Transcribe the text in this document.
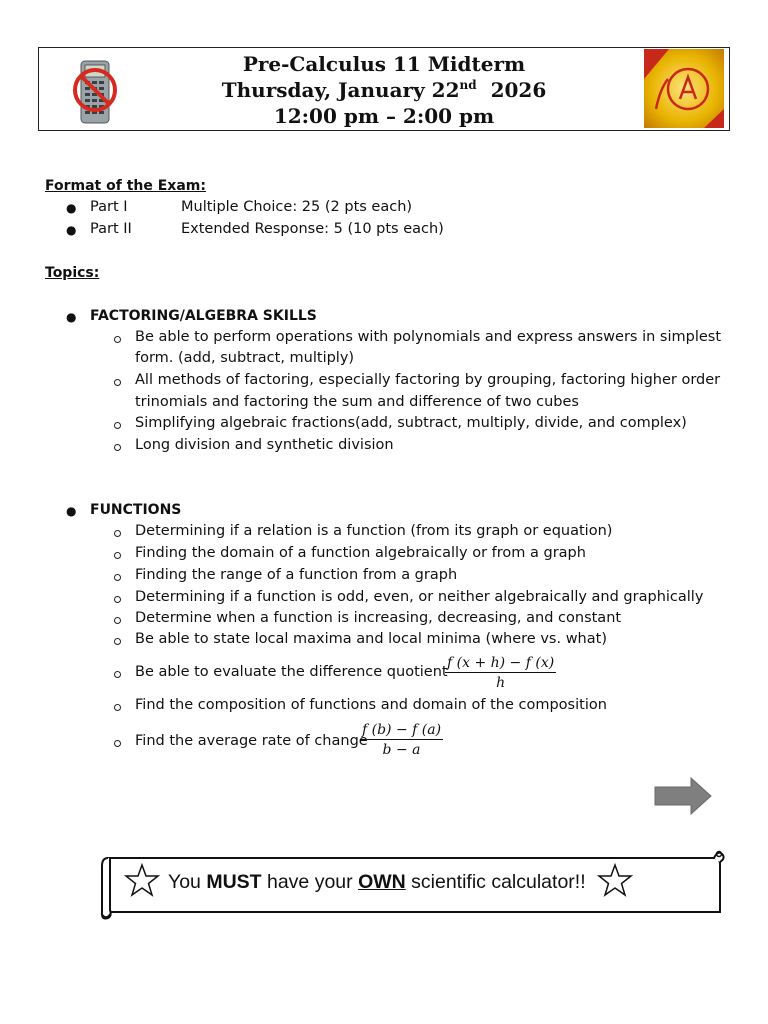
Pre-Calculus 11 Midterm
Thursday, January 22nd 2026
12:00 pm – 2:00 pm
Format of the Exam:
● Part I	Multiple Choice: 25 (2 pts each)
● Part II	Extended Response: 5 (10 pts each)
Topics:
● FACTORING/ALGEBRA SKILLS
Be able to perform operations with polynomials and express answers in simplest
form. (add, subtract, multiply)
All methods of factoring, especially factoring by grouping, factoring higher order
trinomials and factoring the sum and difference of two cubes
Simplifying algebraic fractions(add, subtract, multiply, divide, and complex)
Long division and synthetic division
● FUNCTIONS
Determining if a relation is a function (from its graph or equation)
Finding the domain of a function algebraically or from a graph
Finding the range of a function from a graph
Determining if a function is odd, even, or neither algebraically and graphically
Determine when a function is increasing, decreasing, and constant
Be able to state local maxima and local minima (where vs. what)
Be able to evaluate the difference quotient
$\frac{f (x + h) - f (x)}{h}$
Find the composition of functions and domain of the composition
Find the average rate of change
$\frac{f (b) - f (a)}{b - a}$
You MUST have your OWN scientific calculator!!
